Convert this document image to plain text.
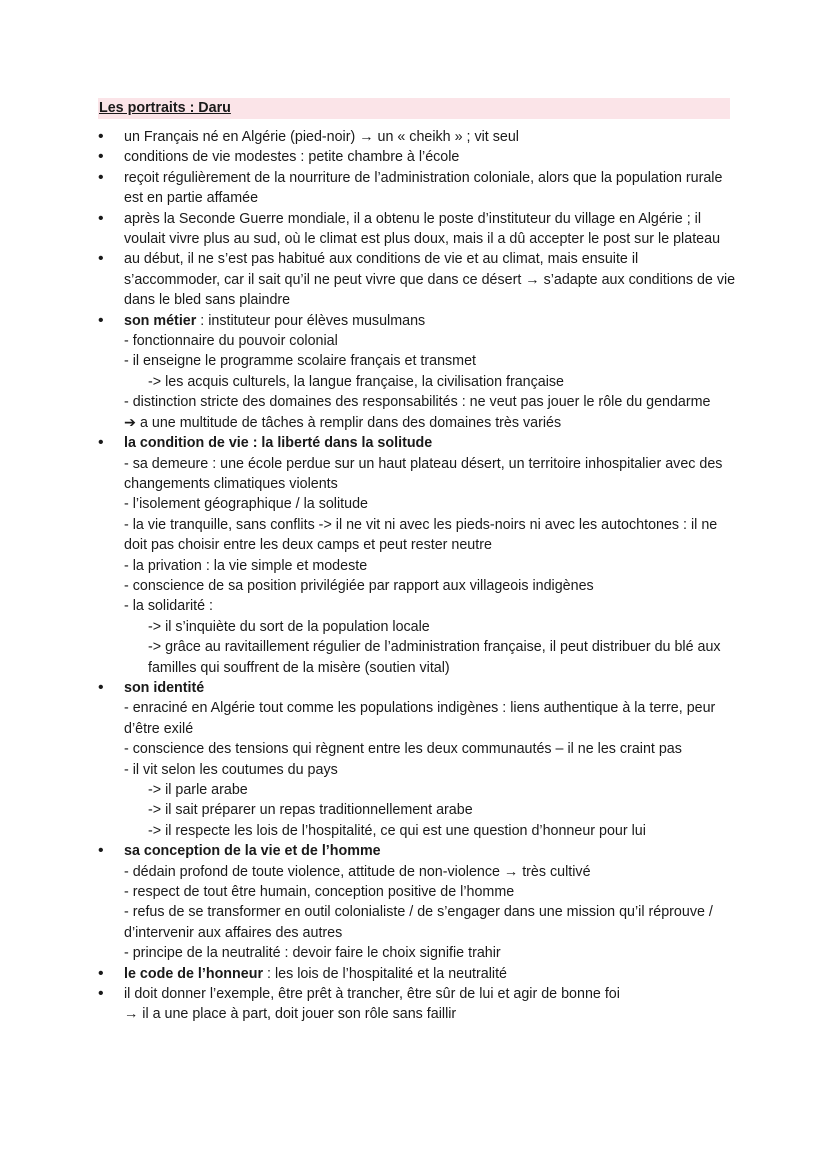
Les portraits : Daru
• un Français né en Algérie (pied-noir) → un « cheikh » ; vit seul
• conditions de vie modestes : petite chambre à l’école
• reçoit régulièrement de la nourriture de l’administration coloniale, alors que la population rurale est en partie affamée
• après la Seconde Guerre mondiale, il a obtenu le poste d’instituteur du village en Algérie ; il voulait vivre plus au sud, où le climat est plus doux, mais il a dû accepter le post sur le plateau
• au début, il ne s’est pas habitué aux conditions de vie et au climat, mais ensuite il s’accommoder, car il sait qu’il ne peut vivre que dans ce désert → s’adapte aux conditions de vie dans le bled sans plaindre
• son métier : instituteur pour élèves musulmans
- fonctionnaire du pouvoir colonial
- il enseigne le programme scolaire français et transmet
-> les acquis culturels, la langue française, la civilisation française
- distinction stricte des domaines des responsabilités : ne veut pas jouer le rôle du gendarme
➔ a une multitude de tâches à remplir dans des domaines très variés
• la condition de vie : la liberté dans la solitude
- sa demeure : une école perdue sur un haut plateau désert, un territoire inhospitalier avec des changements climatiques violents
- l’isolement géographique / la solitude
- la vie tranquille, sans conflits -> il ne vit ni avec les pieds-noirs ni avec les autochtones : il ne doit pas choisir entre les deux camps et peut rester neutre
- la privation : la vie simple et modeste
- conscience de sa position privilégiée par rapport aux villageois indigènes
- la solidarité :
-> il s’inquiète du sort de la population locale
-> grâce au ravitaillement régulier de l’administration française, il peut distribuer du blé aux familles qui souffrent de la misère (soutien vital)
• son identité
- enraciné en Algérie tout comme les populations indigènes : liens authentique à la terre, peur d’être exilé
- conscience des tensions qui règnent entre les deux communautés – il ne les craint pas
- il vit selon les coutumes du pays
-> il parle arabe
-> il sait préparer un repas traditionnellement arabe
-> il respecte les lois de l’hospitalité, ce qui est une question d’honneur pour lui
• sa conception de la vie et de l’homme
- dédain profond de toute violence, attitude de non-violence → très cultivé
- respect de tout être humain, conception positive de l’homme
- refus de se transformer en outil colonialiste / de s’engager dans une mission qu’il réprouve / d’intervenir aux affaires des autres
- principe de la neutralité : devoir faire le choix signifie trahir
• le code de l’honneur : les lois de l’hospitalité et la neutralité
• il doit donner l’exemple, être prêt à trancher, être sûr de lui et agir de bonne foi
→ il a une place à part, doit jouer son rôle sans faillir
